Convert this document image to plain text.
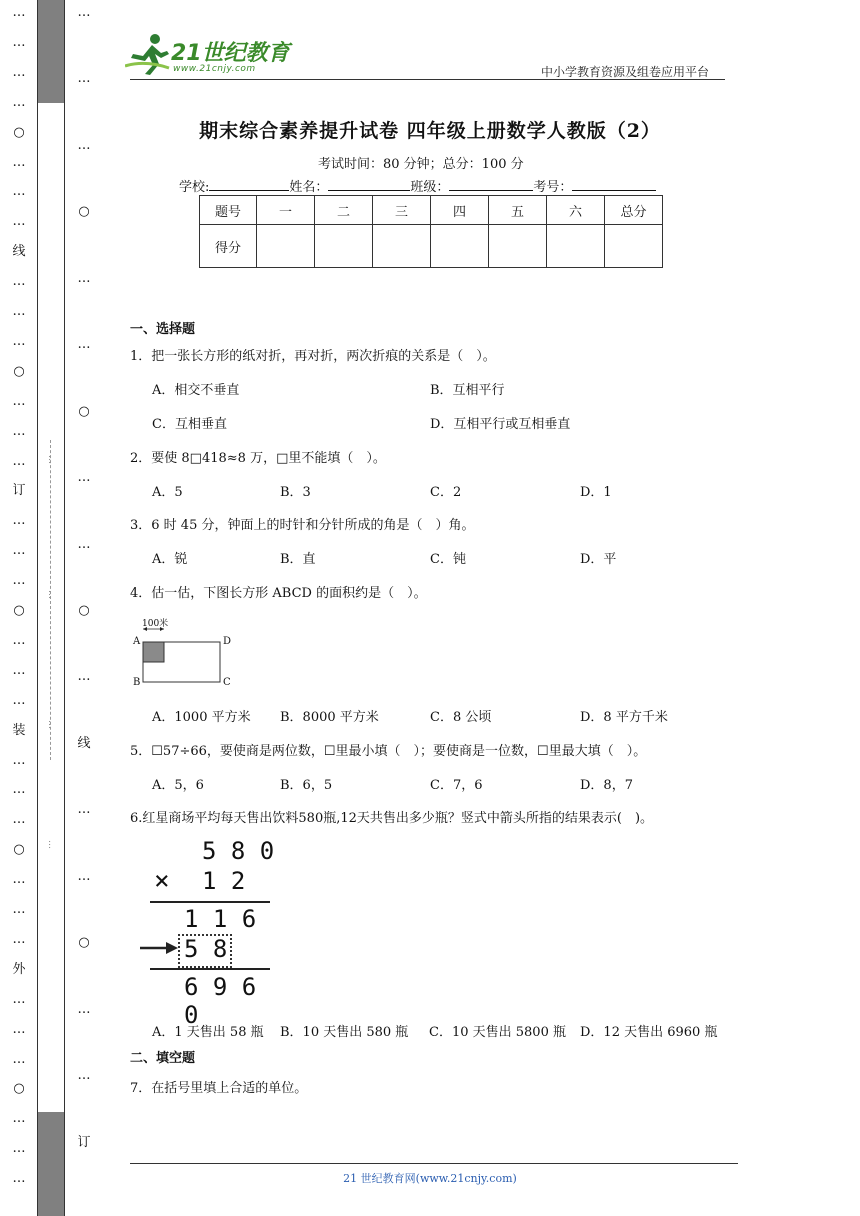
…
…
…
…
○
…
…
…
线
…
…
…
○
…
…
…
订
…
…
…
○
…
…
…
装
…
…
…
○
…
…
…
外
…
…
…
○
…
…
…
…
…
…
○
…
…
○
…
…
○
…
线
…
…
○
…
…
订
21世纪教育
www.21cnjy.com	中小学教育资源及组卷应用平台
期末综合素养提升试卷 四年级上册数学人教版（2）
考试时间：80 分钟；总分：100 分
学校:	姓名：	班级：	考号：
题号	一	二	三	四	五	六	总分
得分							
一、选择题
1．把一张长方形的纸对折，再对折，两次折痕的关系是（　）。
A．相交不垂直	B．互相平行
C．互相垂直	D．互相平行或互相垂直
2．要使 8□418≈8 万，□里不能填（　）。
A．5	B．3	C．2	D．1
3．6 时 45 分，钟面上的时针和分针所成的角是（　）角。
A．锐	B．直	C．钝	D．平
4．估一估，下图长方形 ABCD 的面积约是（　）。
100米
A
B	C
D
A．1000 平方米 B．8000 平方米	C．8 公顷	D．8 平方千米
5．☐57÷66，要使商是两位数，☐里最小填（　）；要使商是一位数，☐里最大填（　）。
A．5，6	B．6，5	C．7，6	D．8，7
6.红星商场平均每天售出饮料580瓶,12天共售出多少瓶？竖式中箭头所指的结果表示(　)。
5 8 0
× 1 2
1 1 6
5 8
6 9 6 0
A．1 天售出 58 瓶 B．10 天售出 580 瓶 C．10 天售出 5800 瓶 D．12 天售出 6960 瓶
二、填空题
7．在括号里填上合适的单位。
21 世纪教育网(www.21cnjy.com)
…
…
…
…
